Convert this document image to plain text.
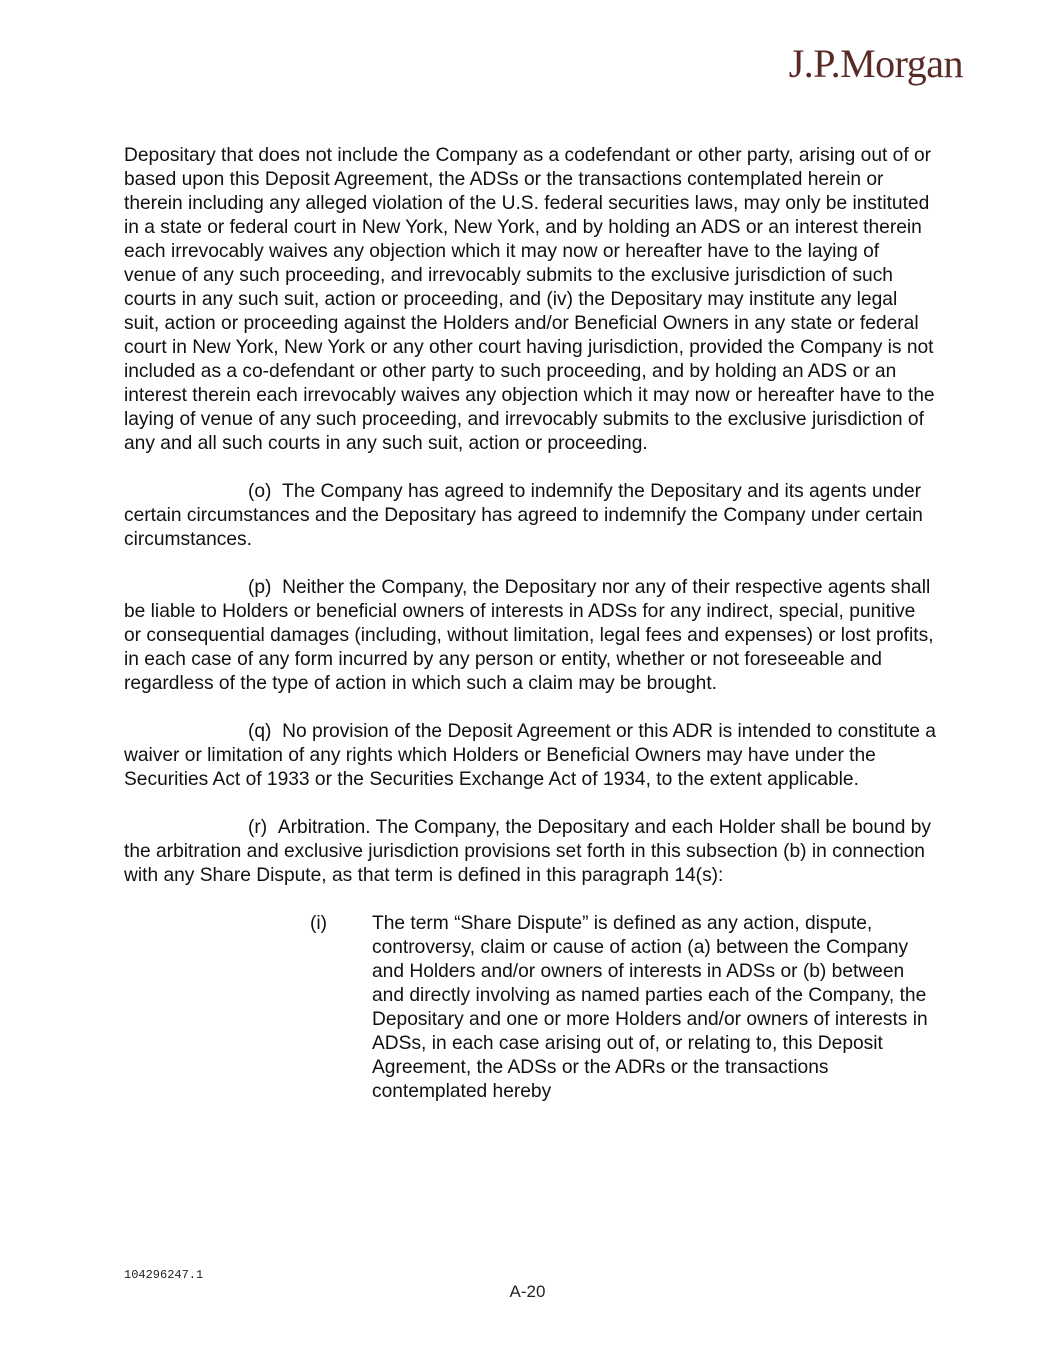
J.P.Morgan

Depositary that does not include the Company as a codefendant or other party, arising out of or based upon this Deposit Agreement, the ADSs or the transactions contemplated herein or therein including any alleged violation of the U.S. federal securities laws, may only be instituted in a state or federal court in New York, New York, and by holding an ADS or an interest therein each irrevocably waives any objection which it may now or hereafter have to the laying of venue of any such proceeding, and irrevocably submits to the exclusive jurisdiction of such courts in any such suit, action or proceeding, and (iv) the Depositary may institute any legal suit, action or proceeding against the Holders and/or Beneficial Owners in any state or federal court in New York, New York or any other court having jurisdiction, provided the Company is not included as a co-defendant or other party to such proceeding, and by holding an ADS or an interest therein each irrevocably waives any objection which it may now or hereafter have to the laying of venue of any such proceeding, and irrevocably submits to the exclusive jurisdiction of any and all such courts in any such suit, action or proceeding.

(o) The Company has agreed to indemnify the Depositary and its agents under certain circumstances and the Depositary has agreed to indemnify the Company under certain circumstances.

(p) Neither the Company, the Depositary nor any of their respective agents shall be liable to Holders or beneficial owners of interests in ADSs for any indirect, special, punitive or consequential damages (including, without limitation, legal fees and expenses) or lost profits, in each case of any form incurred by any person or entity, whether or not foreseeable and regardless of the type of action in which such a claim may be brought.

(q) No provision of the Deposit Agreement or this ADR is intended to constitute a waiver or limitation of any rights which Holders or Beneficial Owners may have under the Securities Act of 1933 or the Securities Exchange Act of 1934, to the extent applicable.

(r) Arbitration. The Company, the Depositary and each Holder shall be bound by the arbitration and exclusive jurisdiction provisions set forth in this subsection (b) in connection with any Share Dispute, as that term is defined in this paragraph 14(s):

(i) The term “Share Dispute” is defined as any action, dispute, controversy, claim or cause of action (a) between the Company and Holders and/or owners of interests in ADSs or (b) between and directly involving as named parties each of the Company, the Depositary and one or more Holders and/or owners of interests in ADSs, in each case arising out of, or relating to, this Deposit Agreement, the ADSs or the ADRs or the transactions contemplated hereby
104296247.1
A-20
